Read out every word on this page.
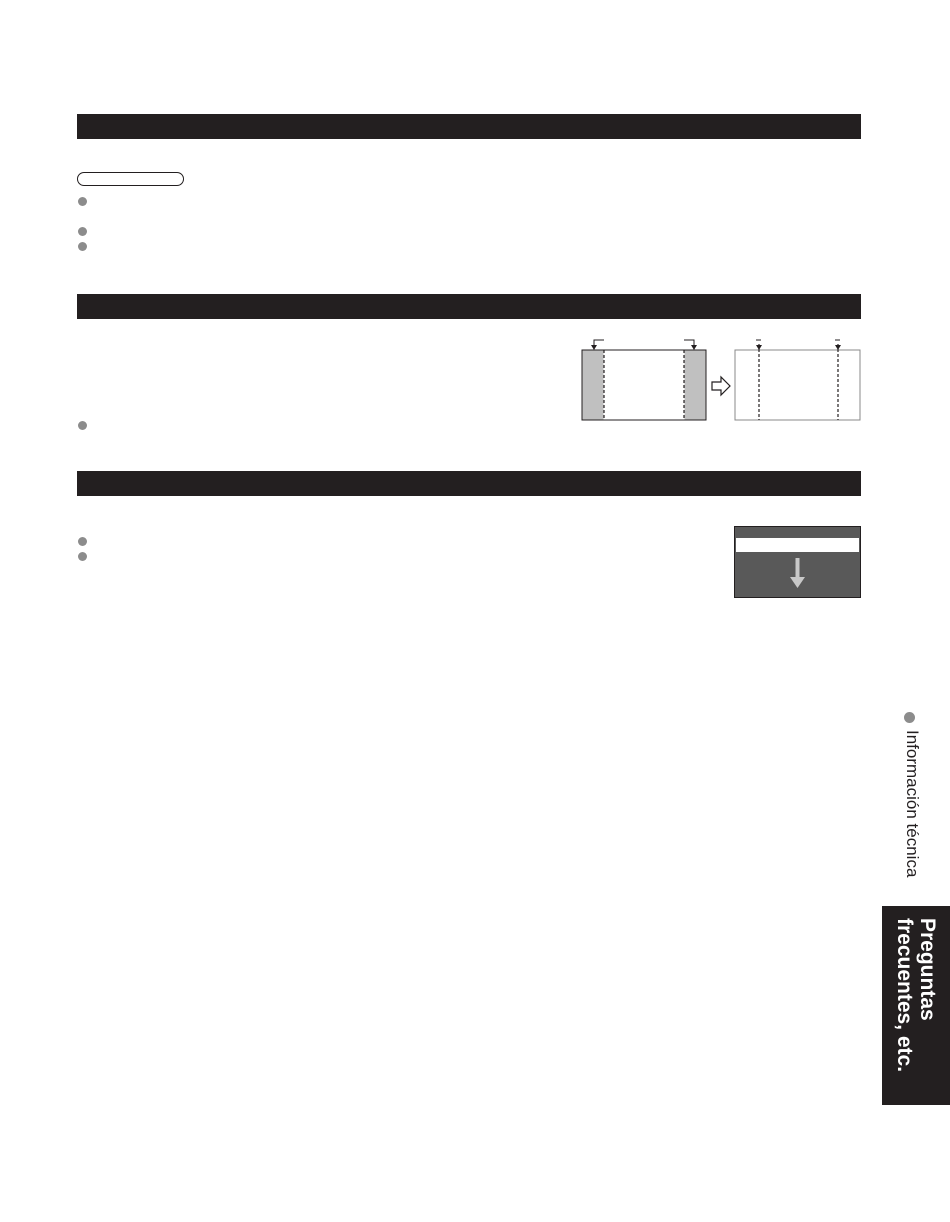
Información técnica
Preguntas
frecuentes, etc.
